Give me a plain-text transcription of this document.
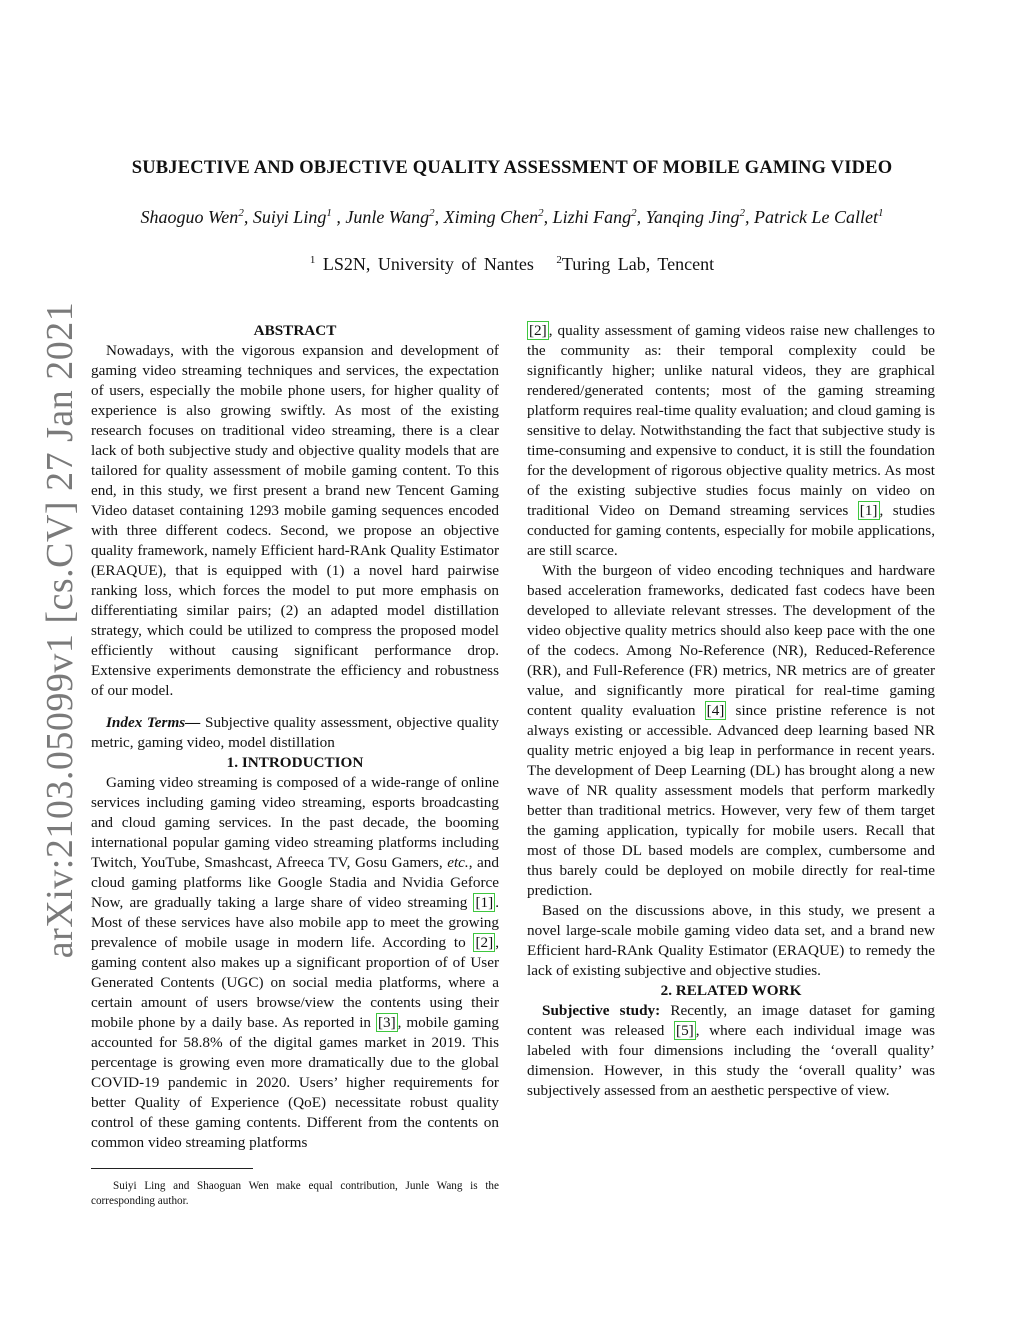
arXiv:2103.05099v1 [cs.CV] 27 Jan 2021
SUBJECTIVE AND OBJECTIVE QUALITY ASSESSMENT OF MOBILE GAMING VIDEO
Shaoguo Wen$^2$, Suiyi Ling$^1$ , Junle Wang$^2$, Ximing Chen$^2$, Lizhi Fang$^2$, Yanqing Jing$^2$, Patrick Le Callet$^1$
$^1$ LS2N, University of Nantes $^2$Turing Lab, Tencent

ABSTRACT

Nowadays, with the vigorous expansion and development of gaming video streaming techniques and services, the expectation of users, especially the mobile phone users, for higher quality of experience is also growing swiftly. As most of the existing research focuses on traditional video streaming, there is a clear lack of both subjective study and objective quality models that are tailored for quality assessment of mobile gaming content. To this end, in this study, we first present a brand new Tencent Gaming Video dataset containing 1293 mobile gaming sequences encoded with three different codecs. Second, we propose an objective quality framework, namely Efficient hard-RAnk Quality Estimator (ERAQUE), that is equipped with (1) a novel hard pairwise ranking loss, which forces the model to put more emphasis on differentiating similar pairs; (2) an adapted model distillation strategy, which could be utilized to compress the proposed model efficiently without causing significant performance drop. Extensive experiments demonstrate the efficiency and robustness of our model.

Index Terms— Subjective quality assessment, objective quality metric, gaming video, model distillation

1. INTRODUCTION

Gaming video streaming is composed of a wide-range of online services including gaming video streaming, esports broadcasting and cloud gaming services. In the past decade, the booming international popular gaming video streaming platforms including Twitch, YouTube, Smashcast, Afreeca TV, Gosu Gamers, etc., and cloud gaming platforms like Google Stadia and Nvidia Geforce Now, are gradually taking a large share of video streaming [1] . Most of these services have also mobile app to meet the growing prevalence of mobile usage in modern life. According to [2] , gaming content also makes up a significant proportion of of User Generated Contents (UGC) on social media platforms, where a certain amount of users browse/view the contents using their mobile phone by a daily base. As reported in [3] , mobile gaming accounted for 58.8% of the digital games market in 2019. This percentage is growing even more dramatically due to the global COVID-19 pandemic in 2020. Users’ higher requirements for better Quality of Experience (QoE) necessitate robust quality control of these gaming contents. Different from the contents on common video streaming platforms

Suiyi Ling and Shaoguan Wen make equal contribution, Junle Wang is the corresponding author.

[2] , quality assessment of gaming videos raise new challenges to the community as: their temporal complexity could be significantly higher; unlike natural videos, they are graphical rendered/generated contents; most of the gaming streaming platform requires real-time quality evaluation; and cloud gaming is sensitive to delay. Notwithstanding the fact that subjective study is time-consuming and expensive to conduct, it is still the foundation for the development of rigorous objective quality metrics. As most of the existing subjective studies focus mainly on video on traditional Video on Demand streaming services [1] , studies conducted for gaming contents, especially for mobile applications, are still scarce.

With the burgeon of video encoding techniques and hardware based acceleration frameworks, dedicated fast codecs have been developed to alleviate relevant stresses. The development of the video objective quality metrics should also keep pace with the one of the codecs. Among No-Reference (NR), Reduced-Reference (RR), and Full-Reference (FR) metrics, NR metrics are of greater value, and significantly more piratical for real-time gaming content quality evaluation [4] since pristine reference is not always existing or accessible. Advanced deep learning based NR quality metric enjoyed a big leap in performance in recent years. The development of Deep Learning (DL) has brought along a new wave of NR quality assessment models that perform markedly better than traditional metrics. However, very few of them target the gaming application, typically for mobile users. Recall that most of those DL based models are complex, cumbersome and thus barely could be deployed on mobile directly for real-time prediction.

Based on the discussions above, in this study, we present a novel large-scale mobile gaming video data set, and a brand new Efficient hard-RAnk Quality Estimator (ERAQUE) to remedy the lack of existing subjective and objective studies.

2. RELATED WORK

Subjective study: Recently, an image dataset for gaming content was released [5] , where each individual image was labeled with four dimensions including the ‘overall quality’ dimension. However, in this study the ‘overall quality’ was subjectively assessed from an aesthetic perspective of view.
